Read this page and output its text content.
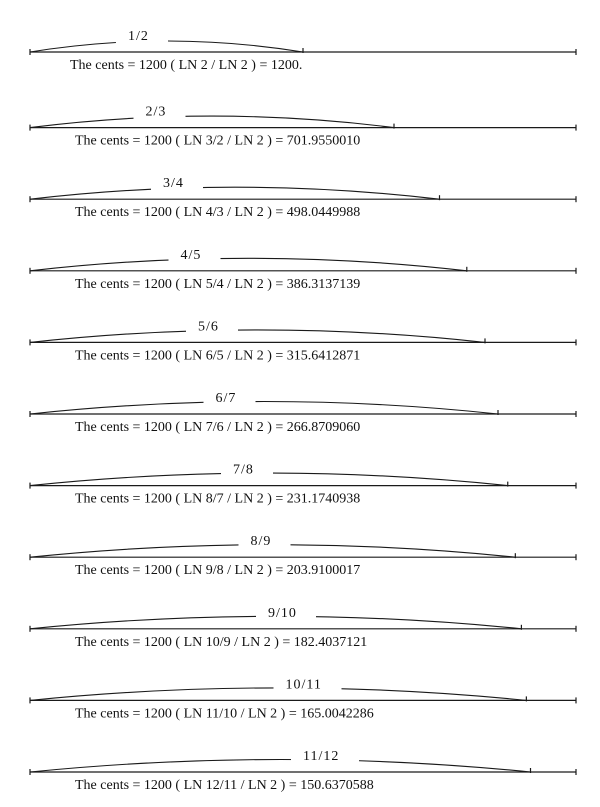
1/2
The cents = 1200 ( LN 2 / LN 2 ) = 1200.
2/3
The cents = 1200 ( LN 3/2 / LN 2 ) = 701.9550010
3/4
The cents = 1200 ( LN 4/3 / LN 2 ) = 498.0449988
4/5
The cents = 1200 ( LN 5/4 / LN 2 ) = 386.3137139
5/6
The cents = 1200 ( LN 6/5 / LN 2 ) = 315.6412871
6/7
The cents = 1200 ( LN 7/6 / LN 2 ) = 266.8709060
7/8
The cents = 1200 ( LN 8/7 / LN 2 ) = 231.1740938
8/9
The cents = 1200 ( LN 9/8 / LN 2 ) = 203.9100017
9/10
The cents = 1200 ( LN 10/9 / LN 2 ) = 182.4037121
10/11
The cents = 1200 ( LN 11/10 / LN 2 ) = 165.0042286
11/12
The cents = 1200 ( LN 12/11 / LN 2 ) = 150.6370588
